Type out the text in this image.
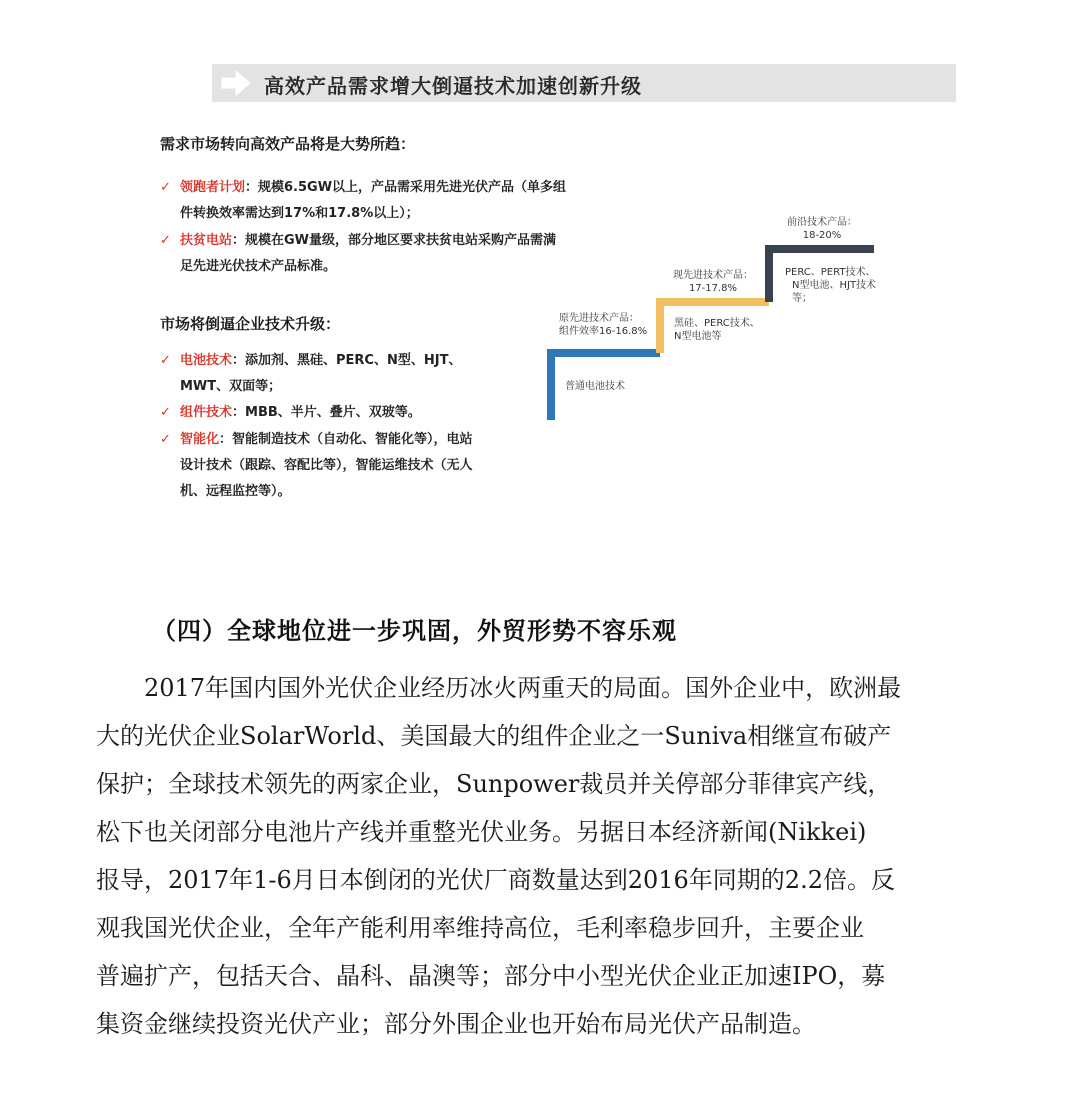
高效产品需求增大倒逼技术加速创新升级
需求市场转向高效产品将是大势所趋：
✓ 领跑者计划：规模6.5GW以上，产品需采用先进光伏产品（单多组
件转换效率需达到17%和17.8%以上）；
✓ 扶贫电站：规模在GW量级，部分地区要求扶贫电站采购产品需满
足先进光伏技术产品标准。
市场将倒逼企业技术升级：
✓ 电池技术：添加剂、黑硅、PERC、N型、HJT、
MWT、双面等；
✓ 组件技术：MBB、半片、叠片、双玻等。
✓ 智能化：智能制造技术（自动化、智能化等），电站
设计技术（跟踪、容配比等），智能运维技术（无人
机、远程监控等）。
原先进技术产品：
组件效率16-16.8%
普通电池技术
现先进技术产品：
17-17.8%
黑硅、PERC技术、
N型电池等
前沿技术产品：
18-20%
PERC、PERT技术、
N型电池、HJT技术
等；
（四）全球地位进一步巩固，外贸形势不容乐观
　　2017年国内国外光伏企业经历冰火两重天的局面。国外企业中，欧洲最
大的光伏企业SolarWorld、美国最大的组件企业之一Suniva相继宣布破产
保护；全球技术领先的两家企业，Sunpower裁员并关停部分菲律宾产线，
松下也关闭部分电池片产线并重整光伏业务。另据日本经济新闻(Nikkei)
报导，2017年1-6月日本倒闭的光伏厂商数量达到2016年同期的2.2倍。反
观我国光伏企业，全年产能利用率维持高位，毛利率稳步回升，主要企业
普遍扩产，包括天合、晶科、晶澳等；部分中小型光伏企业正加速IPO，募
集资金继续投资光伏产业；部分外围企业也开始布局光伏产品制造。
